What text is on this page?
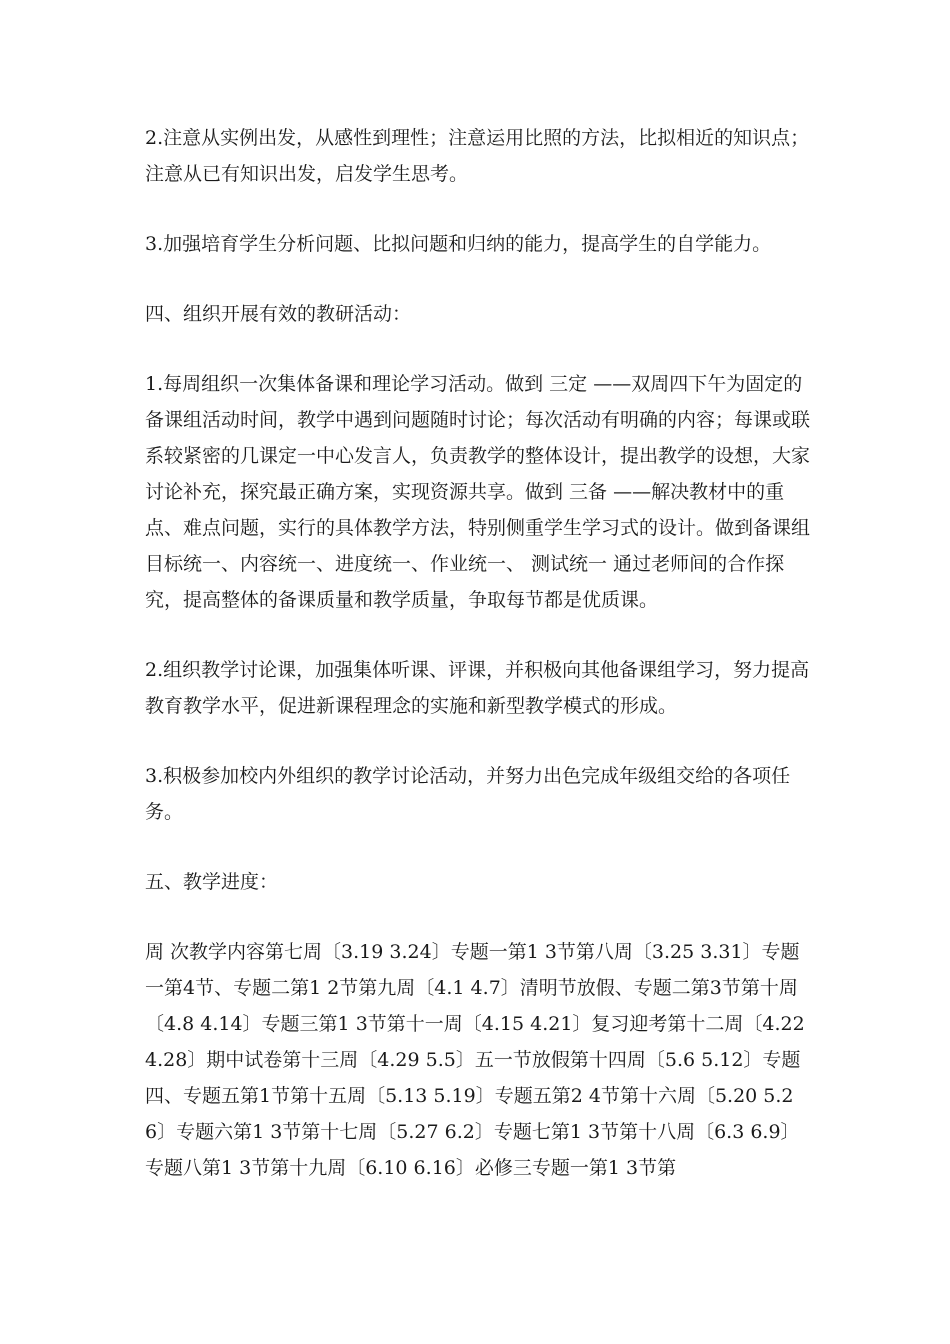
2.注意从实例出发，从感性到理性；注意运用比照的方法，比拟相近的知识点；注意从已有知识出发，启发学生思考。

3.加强培育学生分析问题、比拟问题和归纳的能力，提高学生的自学能力。

四、组织开展有效的教研活动：

1.每周组织一次集体备课和理论学习活动。做到 三定 ——双周四下午为固定的备课组活动时间，教学中遇到问题随时讨论；每次活动有明确的内容；每课或联系较紧密的几课定一中心发言人，负责教学的整体设计，提出教学的设想，大家讨论补充，探究最正确方案，实现资源共享。做到 三备 ——解决教材中的重点、难点问题，实行的具体教学方法，特别侧重学生学习式的设计。做到备课组 目标统一、内容统一、进度统一、作业统一、 测试统一 通过老师间的合作探究，提高整体的备课质量和教学质量，争取每节都是优质课。

2.组织教学讨论课，加强集体听课、评课，并积极向其他备课组学习，努力提高教育教学水平，促进新课程理念的实施和新型教学模式的形成。

3.积极参加校内外组织的教学讨论活动，并努力出色完成年级组交给的各项任务。

五、教学进度：

周 次教学内容第七周〔3.19 3.24〕专题一第1 3节第八周〔3.25 3.31〕专题一第4节、专题二第1 2节第九周〔4.1 4.7〕清明节放假、专题二第3节第十周〔4.8 4.14〕专题三第1 3节第十一周〔4.15 4.21〕复习迎考第十二周〔4.22 4.28〕期中试卷第十三周〔4.29 5.5〕五一节放假第十四周〔5.6 5.12〕专题四、专题五第1节第十五周〔5.13 5.19〕专题五第2 4节第十六周〔5.20 5.26〕专题六第1 3节第十七周〔5.27 6.2〕专题七第1 3节第十八周〔6.3 6.9〕专题八第1 3节第十九周〔6.10 6.16〕必修三专题一第1 3节第
